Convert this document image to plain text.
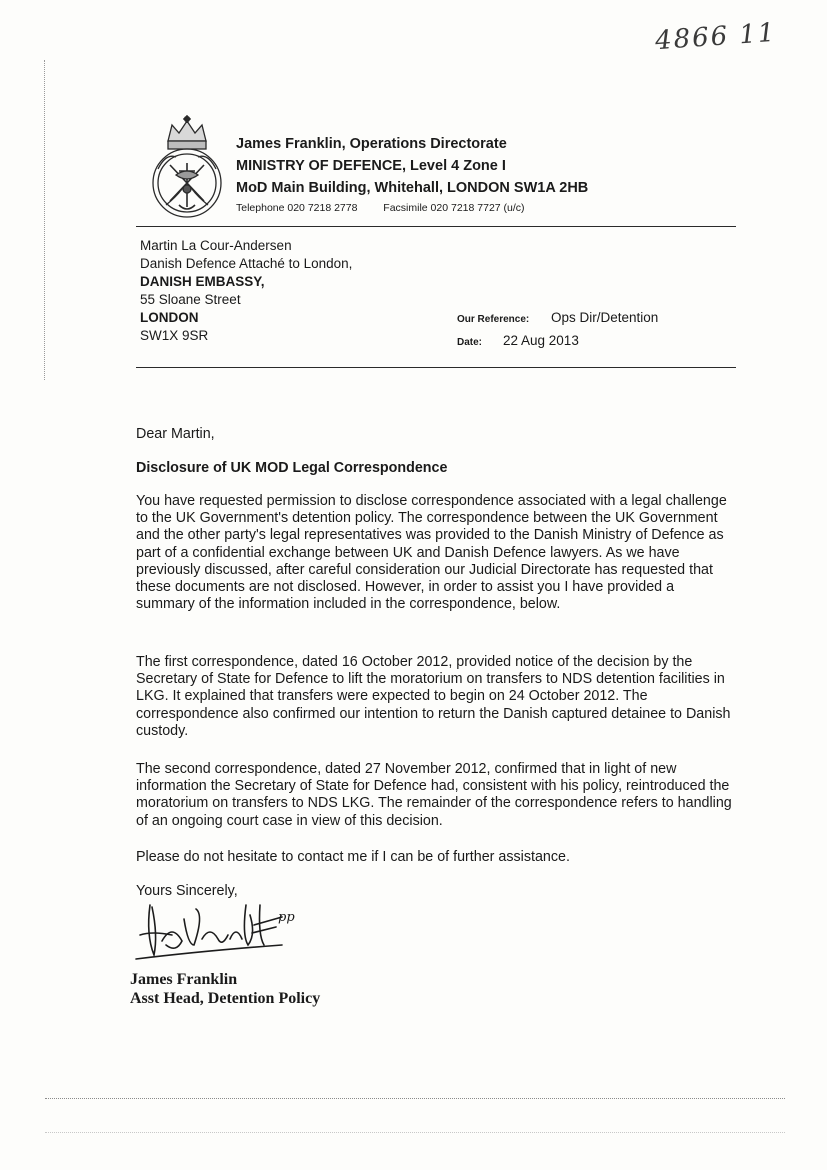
4866 11
James Franklin, Operations Directorate
MINISTRY OF DEFENCE, Level 4 Zone I
MoD Main Building, Whitehall, LONDON SW1A 2HB
Telephone 020 7218 2778 Facsimile 020 7218 7727 (u/c)
Martin La Cour-Andersen
Danish Defence Attaché to London,
DANISH EMBASSY,
55 Sloane Street
LONDON
SW1X 9SR
Our Reference: Ops Dir/Detention
Date: 22 Aug 2013
Dear Martin,
Disclosure of UK MOD Legal Correspondence
You have requested permission to disclose correspondence associated with a legal challenge to the UK Government's detention policy. The correspondence between the UK Government and the other party's legal representatives was provided to the Danish Ministry of Defence as part of a confidential exchange between UK and Danish Defence lawyers. As we have previously discussed, after careful consideration our Judicial Directorate has requested that these documents are not disclosed. However, in order to assist you I have provided a summary of the information included in the correspondence, below.
The first correspondence, dated 16 October 2012, provided notice of the decision by the Secretary of State for Defence to lift the moratorium on transfers to NDS detention facilities in LKG. It explained that transfers were expected to begin on 24 October 2012. The correspondence also confirmed our intention to return the Danish captured detainee to Danish custody.
The second correspondence, dated 27 November 2012, confirmed that in light of new information the Secretary of State for Defence had, consistent with his policy, reintroduced the moratorium on transfers to NDS LKG. The remainder of the correspondence refers to handling of an ongoing court case in view of this decision.
Please do not hesitate to contact me if I can be of further assistance.
Yours Sincerely,
pp
James Franklin
Asst Head, Detention Policy
